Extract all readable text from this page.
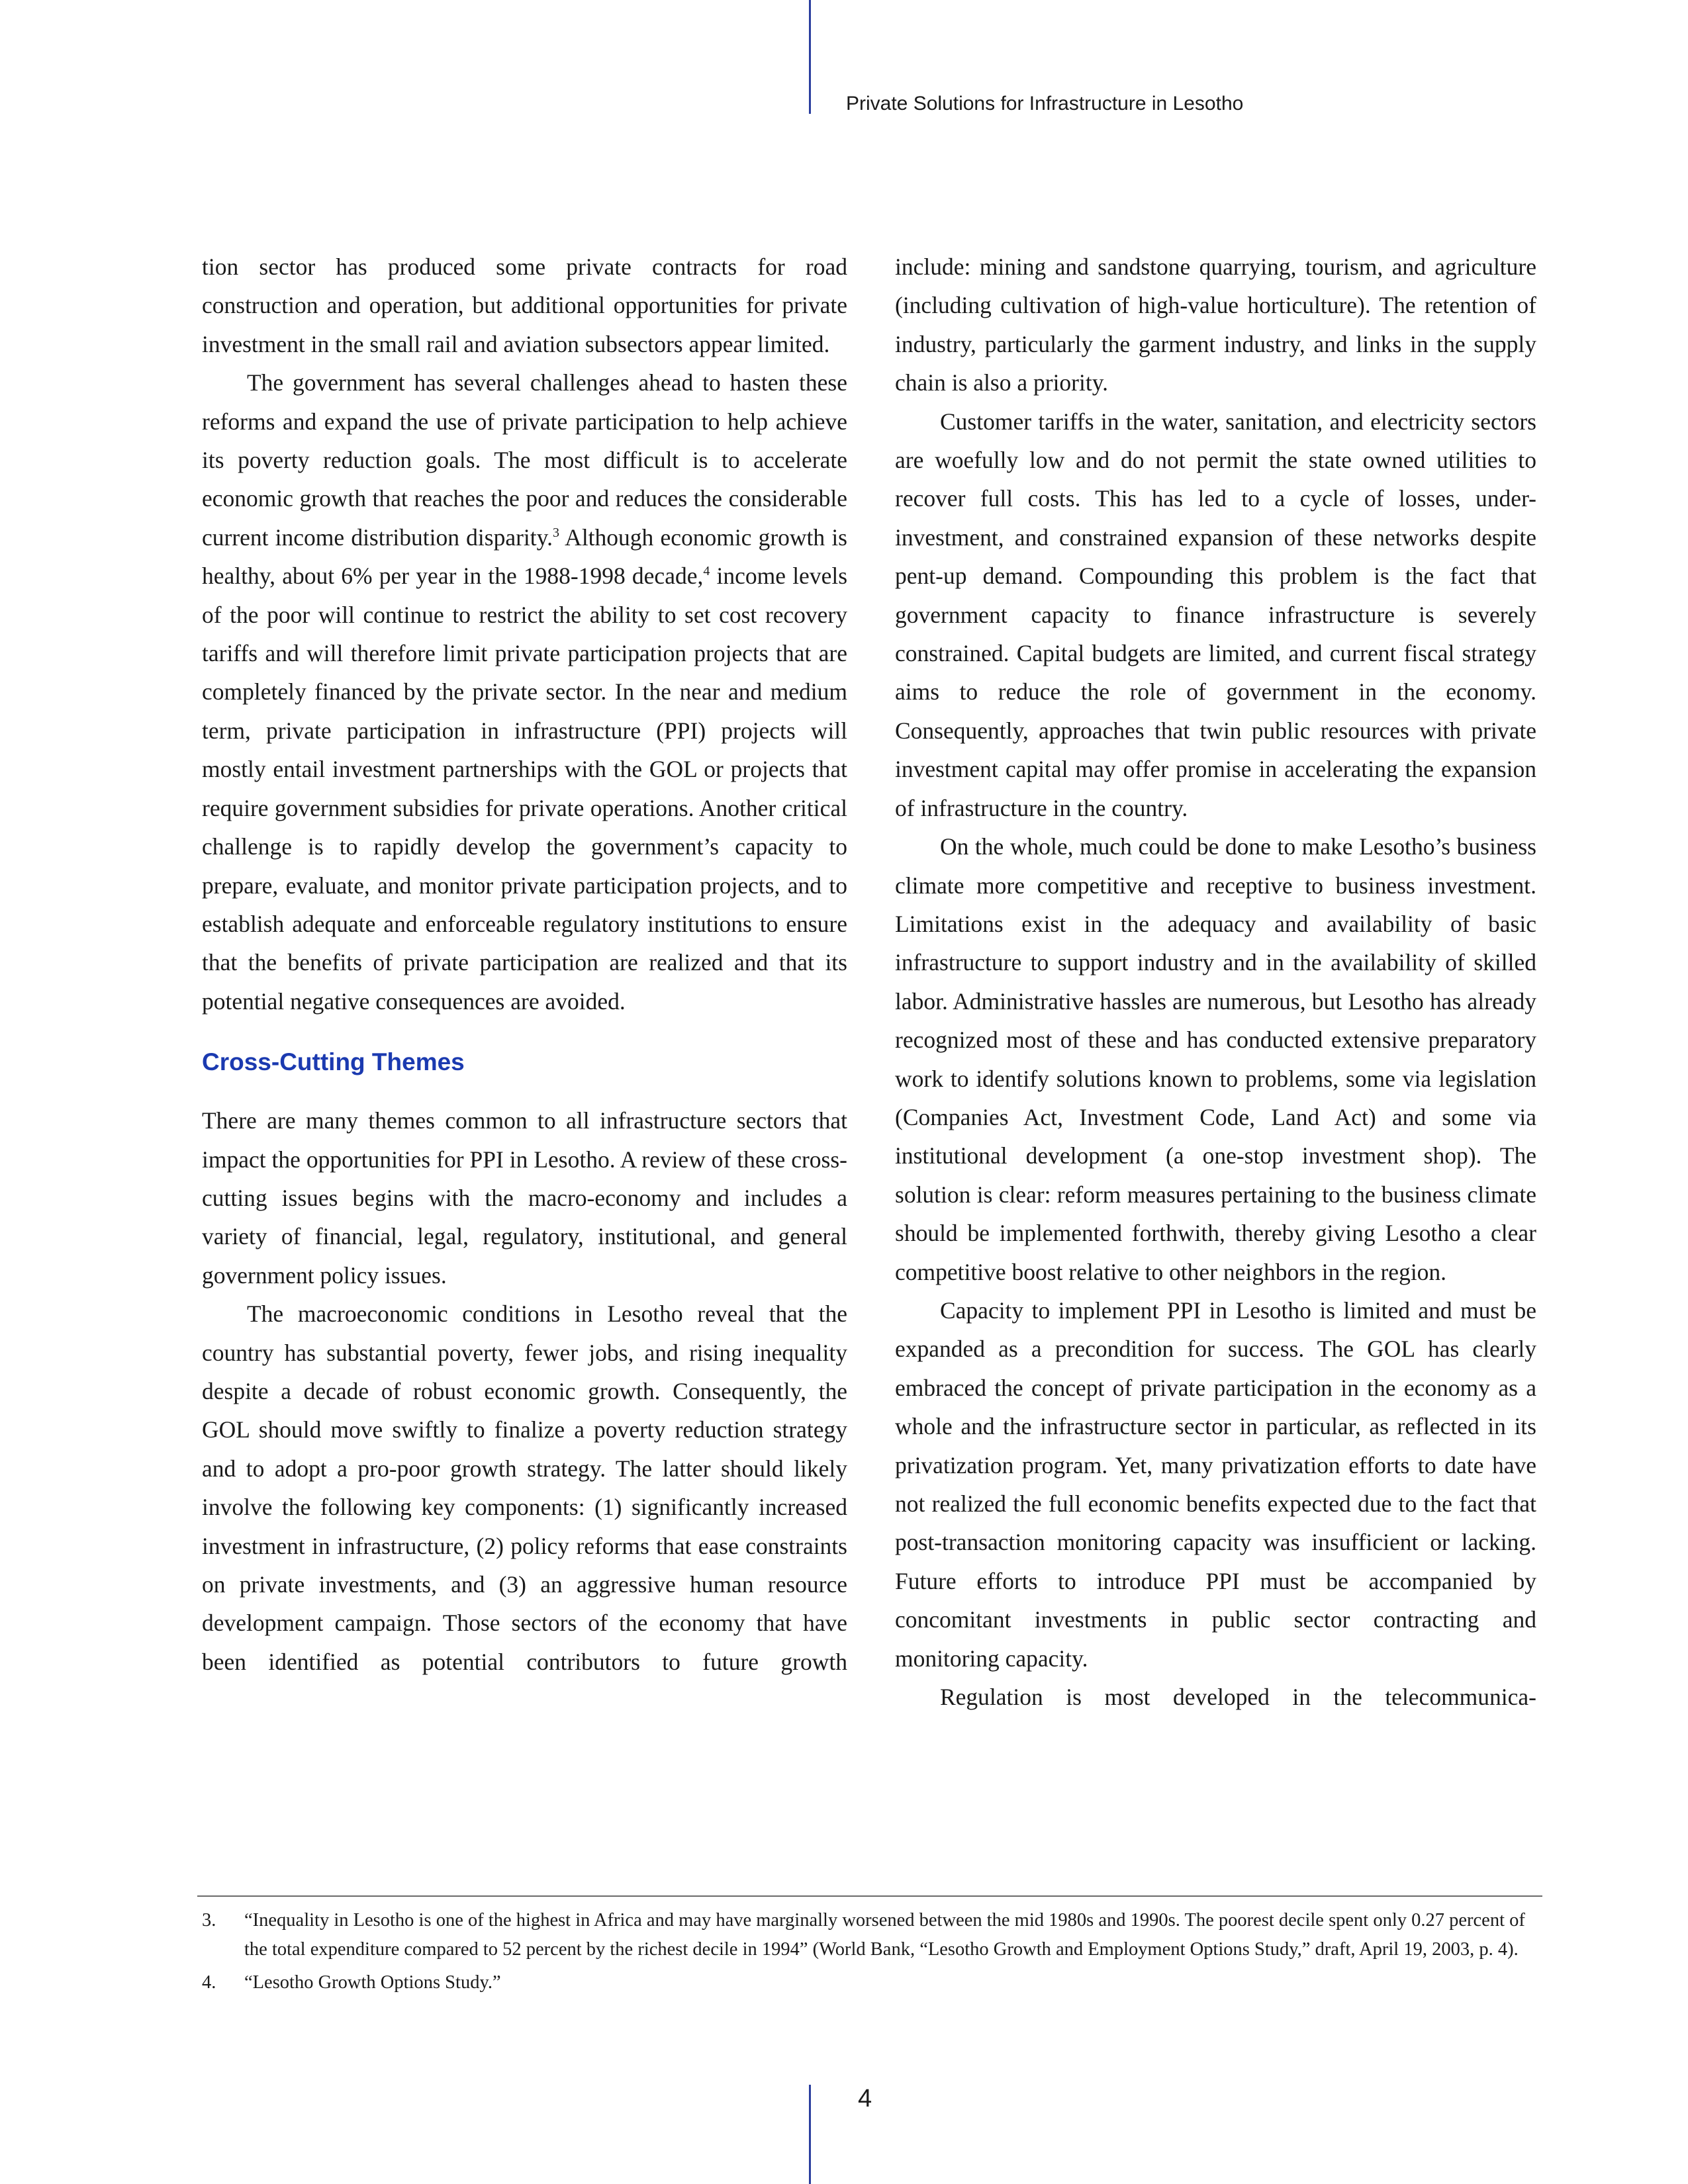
Private Solutions for Infrastructure in Lesotho

tion sector has produced some private contracts for road construction and operation, but additional opportunities for private investment in the small rail and aviation subsectors appear limited.

The government has several challenges ahead to hasten these reforms and expand the use of private participation to help achieve its poverty reduction goals. The most difficult is to accelerate economic growth that reaches the poor and reduces the considerable current income distribution disparity.$^3$ Although economic growth is healthy, about 6% per year in the 1988-1998 decade,$^4$ income levels of the poor will continue to restrict the ability to set cost recovery tariffs and will therefore limit private participation projects that are completely financed by the private sector. In the near and medium term, private participation in infrastructure (PPI) projects will mostly entail investment partnerships with the GOL or projects that require government subsidies for private operations. Another critical challenge is to rapidly develop the government’s capacity to prepare, evaluate, and monitor private participation projects, and to establish adequate and enforceable regulatory institutions to ensure that the benefits of private participation are realized and that its potential negative consequences are avoided.

Cross-Cutting Themes

There are many themes common to all infrastructure sectors that impact the opportunities for PPI in Lesotho. A review of these cross-cutting issues begins with the macro-economy and includes a variety of financial, legal, regulatory, institutional, and general government policy issues.

The macroeconomic conditions in Lesotho reveal that the country has substantial poverty, fewer jobs, and rising inequality despite a decade of robust economic growth. Consequently, the GOL should move swiftly to finalize a poverty reduction strategy and to adopt a pro-poor growth strategy. The latter should likely involve the following key components: (1) significantly increased investment in infrastructure, (2) policy reforms that ease constraints on private investments, and (3) an aggressive human resource development campaign. Those sectors of the economy that have been identified as potential contributors to future growth

include: mining and sandstone quarrying, tourism, and agriculture (including cultivation of high-value horticulture). The retention of industry, particularly the garment industry, and links in the supply chain is also a priority.

Customer tariffs in the water, sanitation, and electricity sectors are woefully low and do not permit the state owned utilities to recover full costs. This has led to a cycle of losses, under-investment, and constrained expansion of these networks despite pent-up demand. Compounding this problem is the fact that government capacity to finance infrastructure is severely constrained. Capital budgets are limited, and current fiscal strategy aims to reduce the role of government in the economy. Consequently, approaches that twin public resources with private investment capital may offer promise in accelerating the expansion of infrastructure in the country.

On the whole, much could be done to make Lesotho’s business climate more competitive and receptive to business investment. Limitations exist in the adequacy and availability of basic infrastructure to support industry and in the availability of skilled labor. Administrative hassles are numerous, but Lesotho has already recognized most of these and has conducted extensive preparatory work to identify solutions known to problems, some via legislation (Companies Act, Investment Code, Land Act) and some via institutional development (a one-stop investment shop). The solution is clear: reform measures pertaining to the business climate should be implemented forthwith, thereby giving Lesotho a clear competitive boost relative to other neighbors in the region.

Capacity to implement PPI in Lesotho is limited and must be expanded as a precondition for success. The GOL has clearly embraced the concept of private participation in the economy as a whole and the infrastructure sector in particular, as reflected in its privatization program. Yet, many privatization efforts to date have not realized the full economic benefits expected due to the fact that post-transaction monitoring capacity was insufficient or lacking. Future efforts to introduce PPI must be accompanied by concomitant investments in public sector contracting and monitoring capacity.

Regulation is most developed in the telecommunica-

3. “Inequality in Lesotho is one of the highest in Africa and may have marginally worsened between the mid 1980s and 1990s. The poorest decile spent only 0.27 percent of the total expenditure compared to 52 percent by the richest decile in 1994” (World Bank, “Lesotho Growth and Employment Options Study,” draft, April 19, 2003, p. 4).
4. “Lesotho Growth Options Study.”
4
